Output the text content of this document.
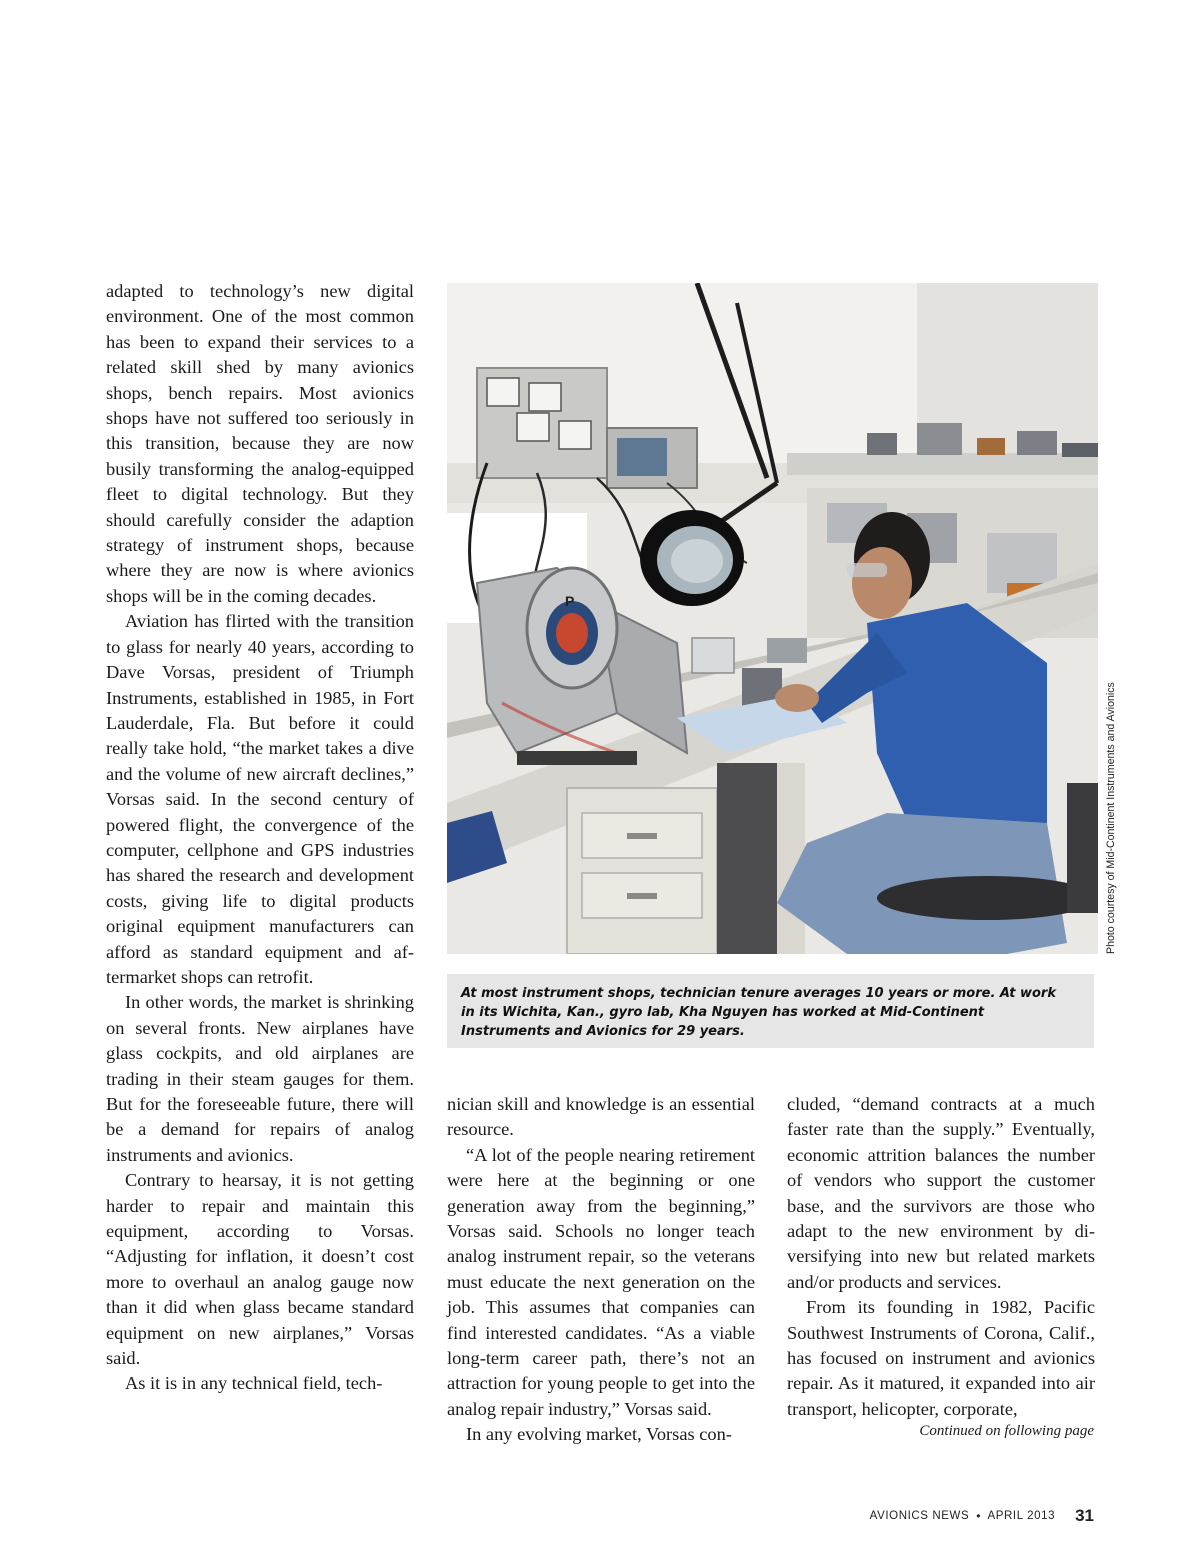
adapted to technology’s new digital environment. One of the most common has been to expand their services to a related skill shed by many avionics shops, bench repairs. Most avionics shops have not suffered too seriously in this transition, because they are now busily transforming the analog-equipped fleet to digital technology. But they should carefully consider the adaption strategy of instrument shops, because where they are now is where avionics shops will be in the coming decades.

Aviation has flirted with the transition to glass for nearly 40 years, according to Dave Vorsas, president of Triumph Instruments, established in 1985, in Fort Lauderdale, Fla. But before it could really take hold, “the market takes a dive and the volume of new aircraft declines,” Vorsas said. In the second century of powered flight, the convergence of the computer, cellphone and GPS industries has shared the research and development costs, giving life to digital products original equipment manufacturers can afford as standard equipment and aftermarket shops can retrofit.

In other words, the market is shrinking on several fronts. New airplanes have glass cockpits, and old airplanes are trading in their steam gauges for them. But for the foreseeable future, there will be a demand for repairs of analog instruments and avionics.

Contrary to hearsay, it is not getting harder to repair and maintain this equipment, according to Vorsas. “Adjusting for inflation, it doesn’t cost more to overhaul an analog gauge now than it did when glass became standard equipment on new airplanes,” Vorsas said.

As it is in any technical field, tech-

P
Photo courtesy of Mid-Continent Instruments and Avionics
At most instrument shops, technician tenure averages 10 years or more. At work in its Wichita, Kan., gyro lab, Kha Nguyen has worked at Mid-Continent Instruments and Avionics for 29 years.

nician skill and knowledge is an essential resource.

“A lot of the people nearing retirement were here at the beginning or one generation away from the beginning,” Vorsas said. Schools no longer teach analog instrument repair, so the veterans must educate the next generation on the job. This assumes that companies can find interested candidates. “As a viable long-term career path, there’s not an attraction for young people to get into the analog repair industry,” Vorsas said.

In any evolving market, Vorsas con-

cluded, “demand contracts at a much faster rate than the supply.” Eventually, economic attrition balances the number of vendors who support the customer base, and the survivors are those who adapt to the new environment by diversifying into new but related markets and/or products and services.

From its founding in 1982, Pacific Southwest Instruments of Corona, Calif., has focused on instrument and avionics repair. As it matured, it expanded into air transport, helicopter, corporate,

Continued on following page
AVIONICS NEWS • APRIL 2013 31
